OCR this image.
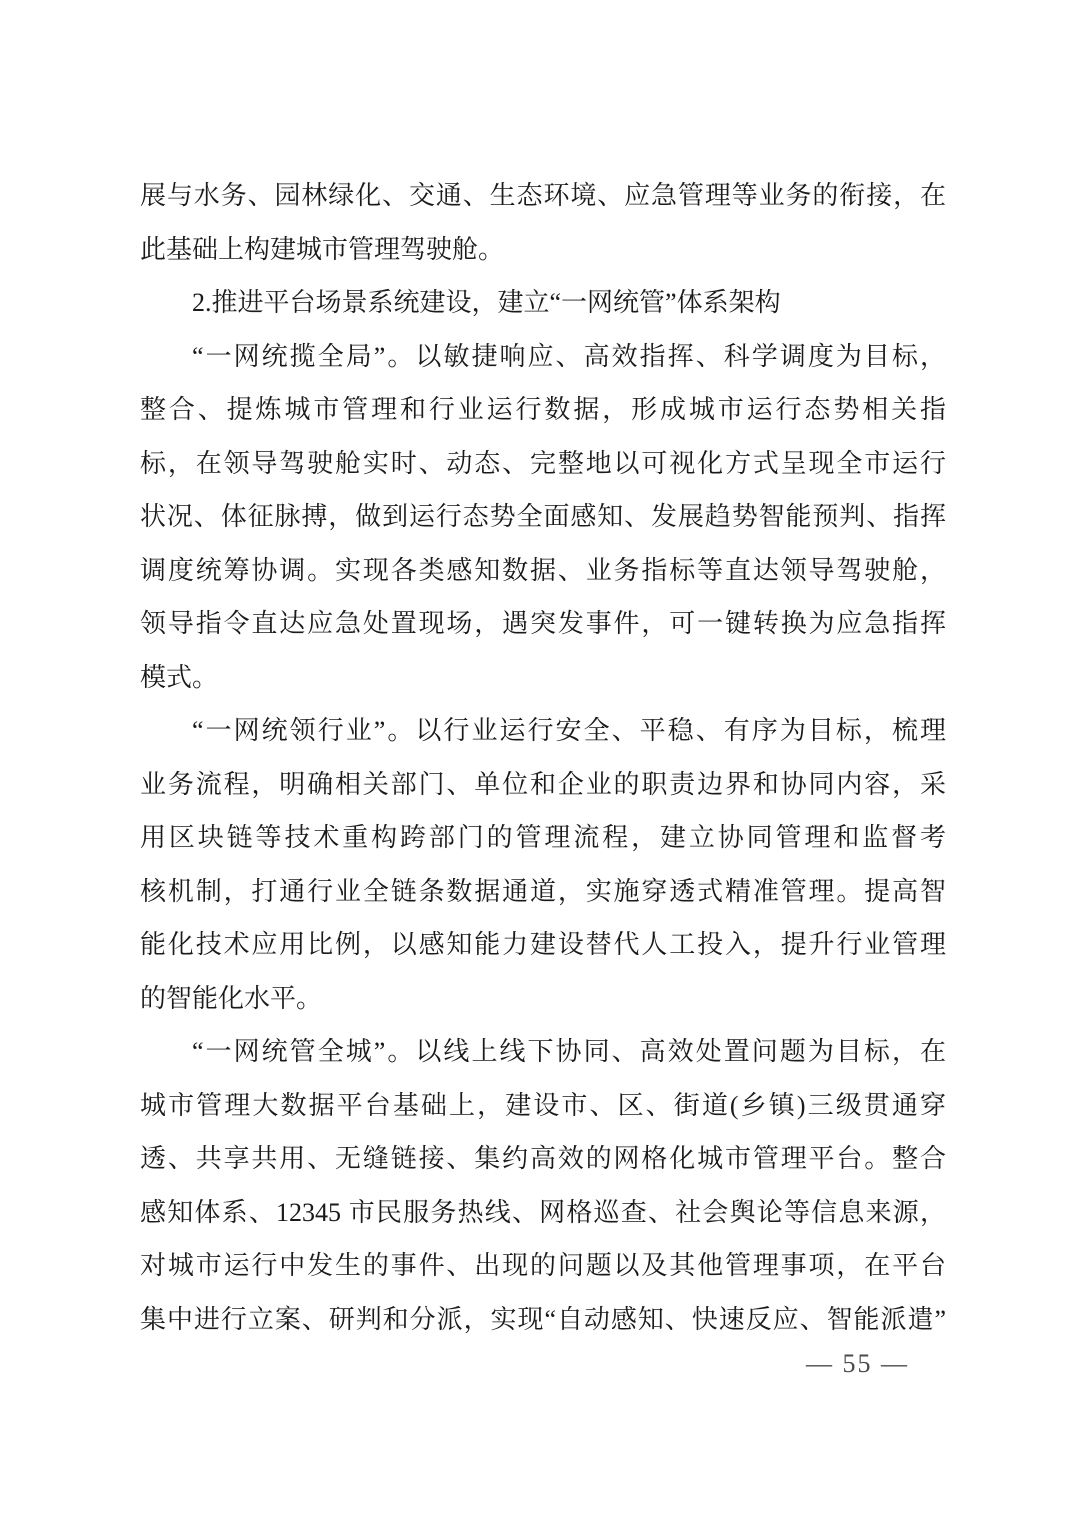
展与水务、园林绿化、交通、生态环境、应急管理等业务的衔接，在

此基础上构建城市管理驾驶舱。

2.推进平台场景系统建设，建立“一网统管”体系架构

“一网统揽全局”。以敏捷响应、高效指挥、科学调度为目标，

整合、提炼城市管理和行业运行数据，形成城市运行态势相关指

标，在领导驾驶舱实时、动态、完整地以可视化方式呈现全市运行

状况、体征脉搏，做到运行态势全面感知、发展趋势智能预判、指挥

调度统筹协调。实现各类感知数据、业务指标等直达领导驾驶舱，

领导指令直达应急处置现场，遇突发事件，可一键转换为应急指挥

模式。

“一网统领行业”。以行业运行安全、平稳、有序为目标，梳理

业务流程，明确相关部门、单位和企业的职责边界和协同内容，采

用区块链等技术重构跨部门的管理流程，建立协同管理和监督考

核机制，打通行业全链条数据通道，实施穿透式精准管理。提高智

能化技术应用比例，以感知能力建设替代人工投入，提升行业管理

的智能化水平。

“一网统管全城”。以线上线下协同、高效处置问题为目标，在

城市管理大数据平台基础上，建设市、区、街道(乡镇)三级贯通穿

透、共享共用、无缝链接、集约高效的网格化城市管理平台。整合

感知体系、12345 市民服务热线、网格巡查、社会舆论等信息来源，

对城市运行中发生的事件、出现的问题以及其他管理事项，在平台

集中进行立案、研判和分派，实现“自动感知、快速反应、智能派遣”

— 55 —
